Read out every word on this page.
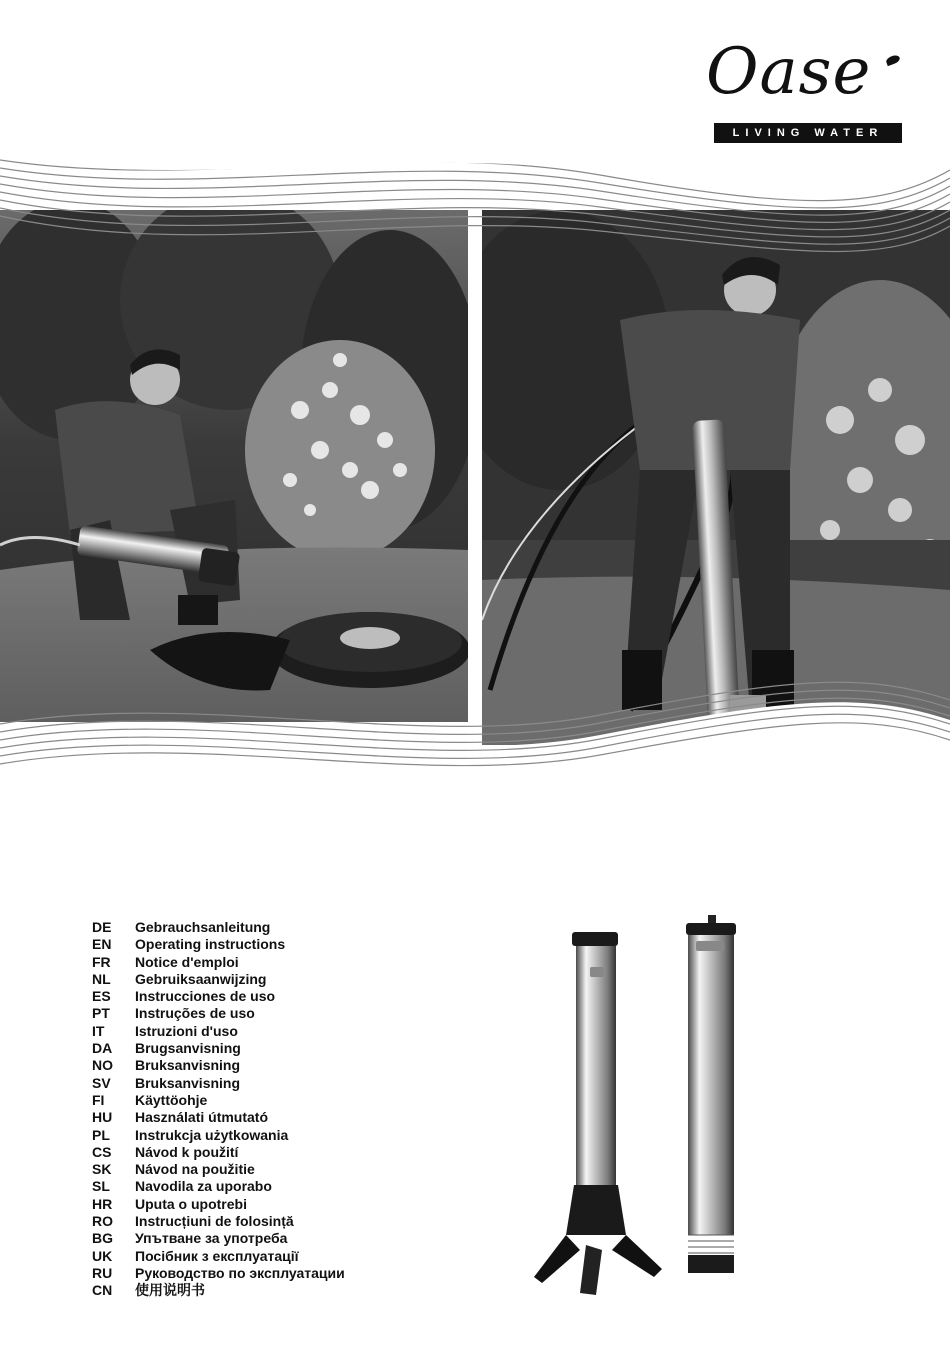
Oase
LIVING WATER
DE	Gebrauchsanleitung
EN	Operating instructions
FR	Notice d'emploi
NL	Gebruiksaanwijzing
ES	Instrucciones de uso
PT	Instruções de uso
IT	Istruzioni d'uso
DA	Brugsanvisning
NO	Bruksanvisning
SV	Bruksanvisning
FI	Käyttöohje
HU	Használati útmutató
PL	Instrukcja użytkowania
CS	Návod k použití
SK	Návod na použitie
SL	Navodila za uporabo
HR	Uputa o upotrebi
RO	Instrucțiuni de folosință
BG	Упътване за употреба
UK	Посібник з експлуатації
RU	Руководство по эксплуатации
CN	使用说明书
